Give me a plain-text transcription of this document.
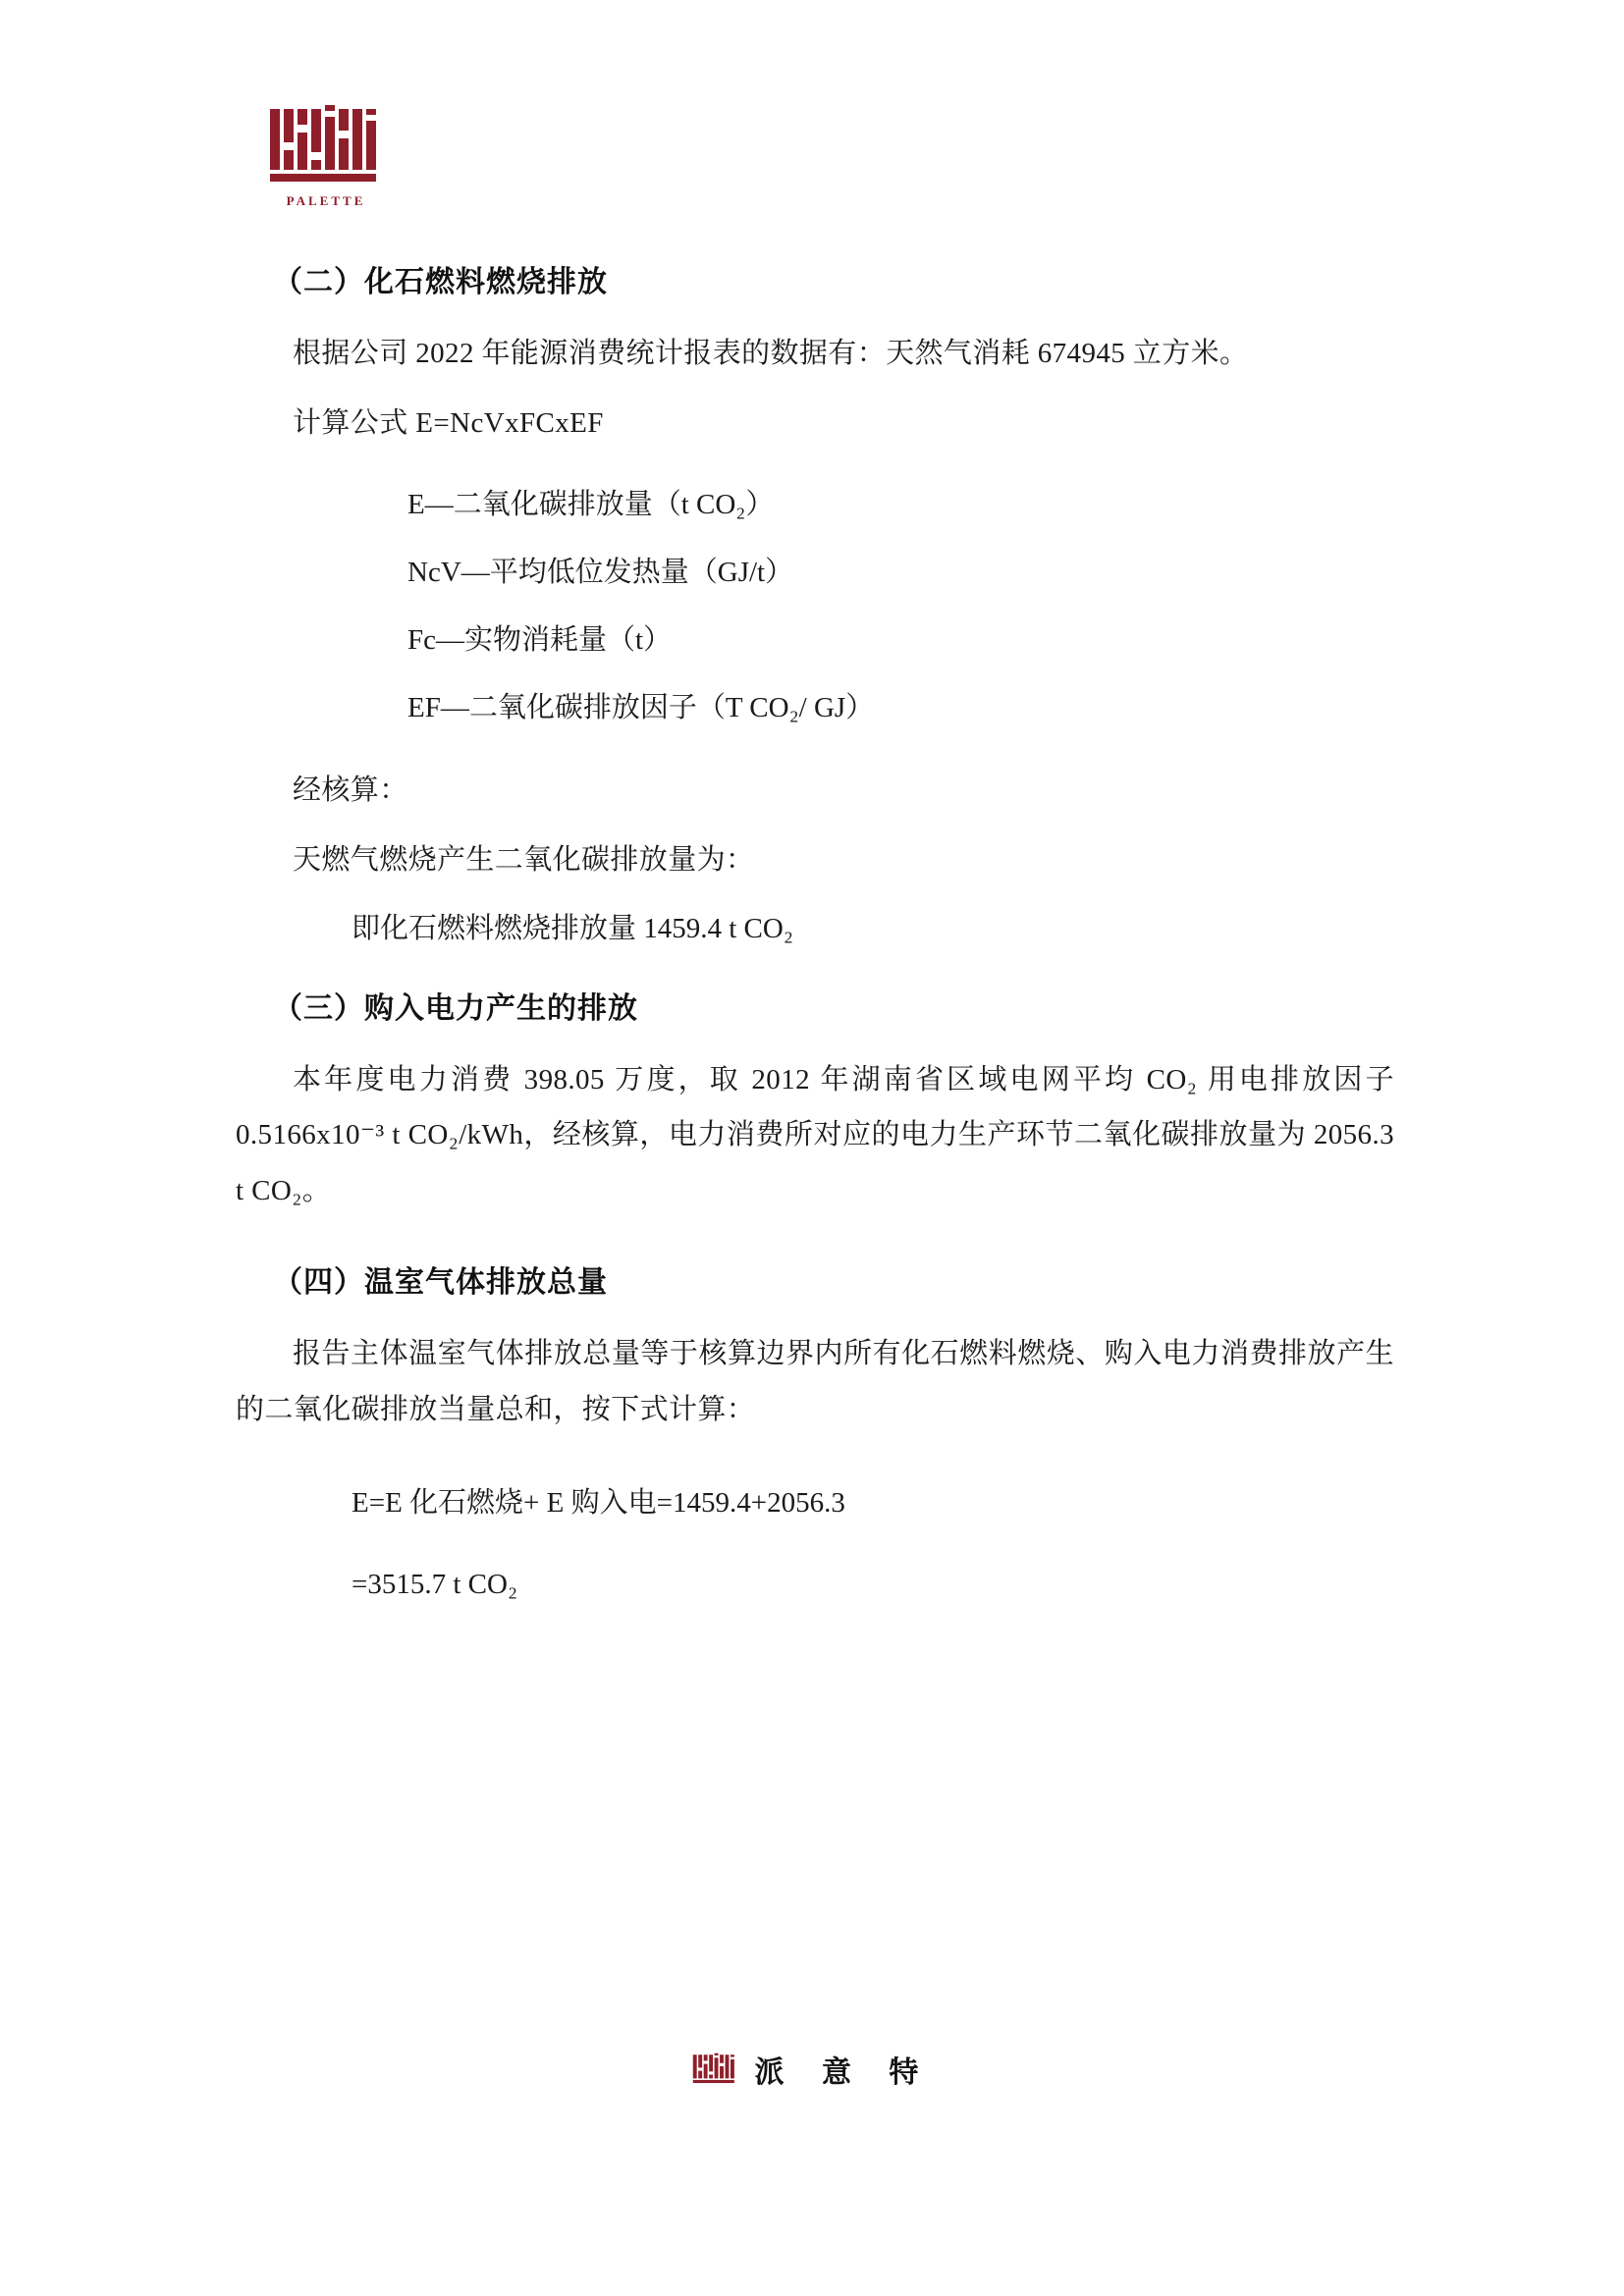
PALETTE
（二）化石燃料燃烧排放

根据公司 2022 年能源消费统计报表的数据有：天然气消耗 674945 立方米。

计算公式 E=NcVxFCxEF

E—二氧化碳排放量（t CO₂）
NcV—平均低位发热量（GJ/t）
Fc—实物消耗量（t）
EF—二氧化碳排放因子（T CO₂/ GJ）

经核算：

天燃气燃烧产生二氧化碳排放量为：

即化石燃料燃烧排放量 1459.4 t CO₂
（三）购入电力产生的排放

本年度电力消费 398.05 万度，取 2012 年湖南省区域电网平均 CO₂ 用电排放因子 0.5166x10⁻³ t CO₂/kWh，经核算，电力消费所对应的电力生产环节二氧化碳排放量为 2056.3 t CO₂。

（四）温室气体排放总量

报告主体温室气体排放总量等于核算边界内所有化石燃料燃烧、购入电力消费排放产生的二氧化碳排放当量总和，按下式计算：

E=E 化石燃烧+ E 购入电=1459.4+2056.3
=3515.7 t CO₂
派 意 特
